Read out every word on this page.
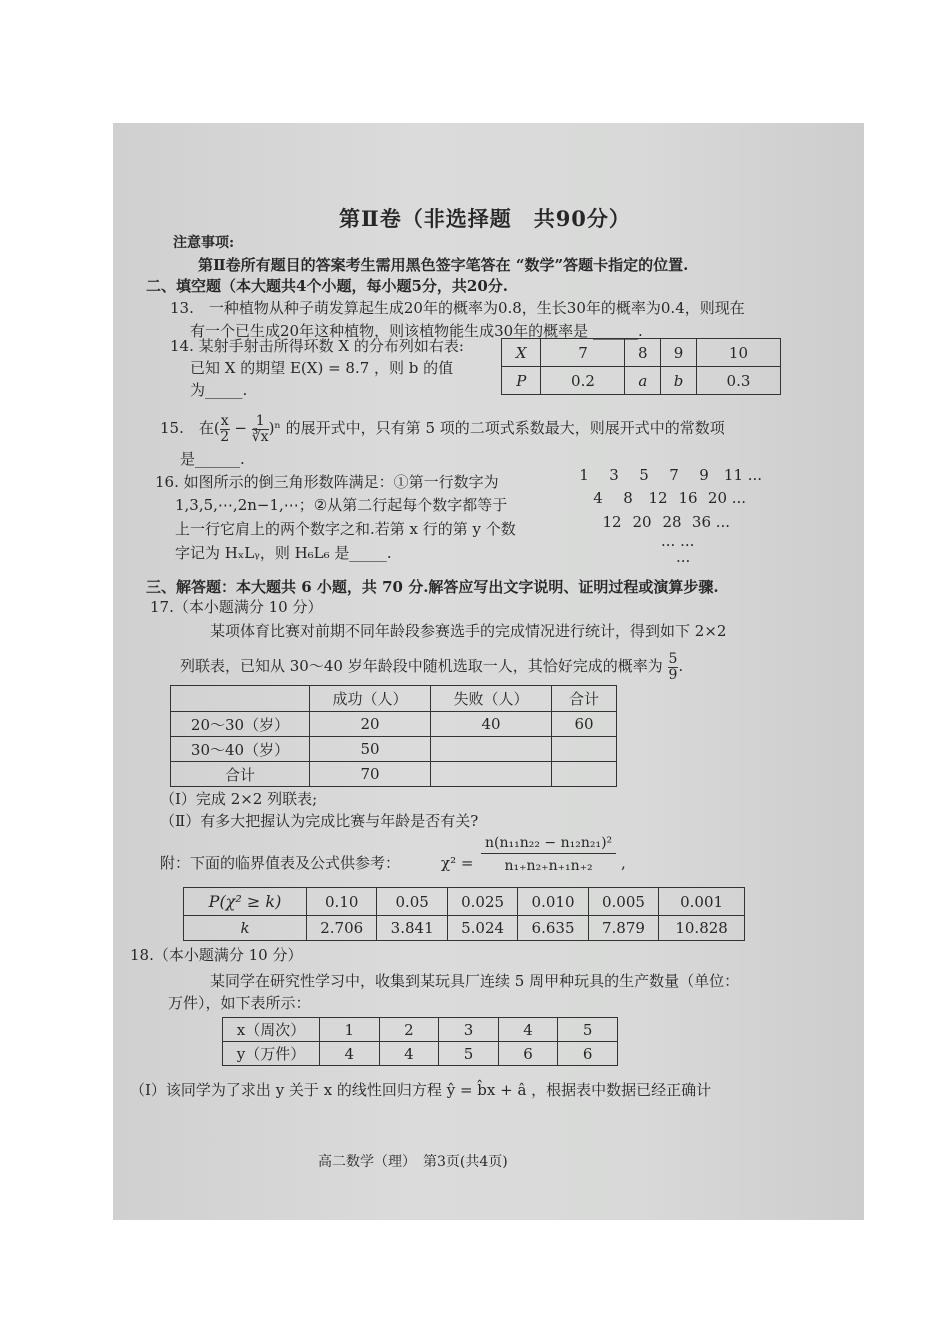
第Ⅱ卷（非选择题　共90分）
注意事项:
第Ⅱ卷所有题目的答案考生需用黑色签字笔答在 “数学”答题卡指定的位置.
二、填空题（本大题共4个小题，每小题5分，共20分.
13.　一种植物从种子萌发算起生成20年的概率为0.8，生长30年的概率为0.4，则现在
有一个已生成20年这种植物，则该植物能生成30年的概率是 ______.
14. 某射手射击所得环数 X 的分布列如右表:
已知 X 的期望 E(X) = 8.7 ，则 b 的值
为_____.
X	7	8	9	10
P	0.2	a	b	0.3
15.　在( $\frac{x}{2} - \frac{1}{∛x} )^n$ 的展开式中，只有第 5 项的二项式系数最大，则展开式中的常数项
是______.
16. 如图所示的倒三角形数阵满足：①第一行数字为
1,3,5,⋯,2n−1,⋯；②从第二行起每个数字都等于
上一行它肩上的两个数字之和.若第 x 行的第 y 个数
字记为 HₓLᵧ，则 H₆L₆ 是_____.
1 3 5 7 9 11 ...
4 8 12 16 20 ...
12 20 28 36 ...
... ...
...
三、解答题：本大题共 6 小题，共 70 分.解答应写出文字说明、证明过程或演算步骤.
17.（本小题满分 10 分）
某项体育比赛对前期不同年龄段参赛选手的完成情况进行统计，得到如下 2×2
列联表，已知从 30～40 岁年龄段中随机选取一人，其恰好完成的概率为 $\frac{5}{9}$ .
	成功（人）	失败（人）	合计
20～30（岁）	20	40	60
30～40（岁）	50		
合计	70		
（Ⅰ）完成 2×2 列联表;
（Ⅱ）有多大把握认为完成比赛与年龄是否有关?
附：下面的临界值表及公式供参考：	$\chi^2 = \frac{\text{n(n₁₁n₂₂ − n₁₂n₂₁)²}}{\text{n₁₊n₂₊n₊₁n₊₂}}$ ,
P(χ² ≥ k)	0.10	0.05	0.025	0.010	0.005	0.001
k	2.706	3.841	5.024	6.635	7.879	10.828
18.（本小题满分 10 分）
某同学在研究性学习中，收集到某玩具厂连续 5 周甲种玩具的生产数量（单位：
万件），如下表所示：
x（周次）	1	2	3	4	5
y（万件）	4	4	5	6	6
（Ⅰ）该同学为了求出 y 关于 x 的线性回归方程 ŷ = b̂x + â ，根据表中数据已经正确计
高二数学（理）　第3页(共4页)
